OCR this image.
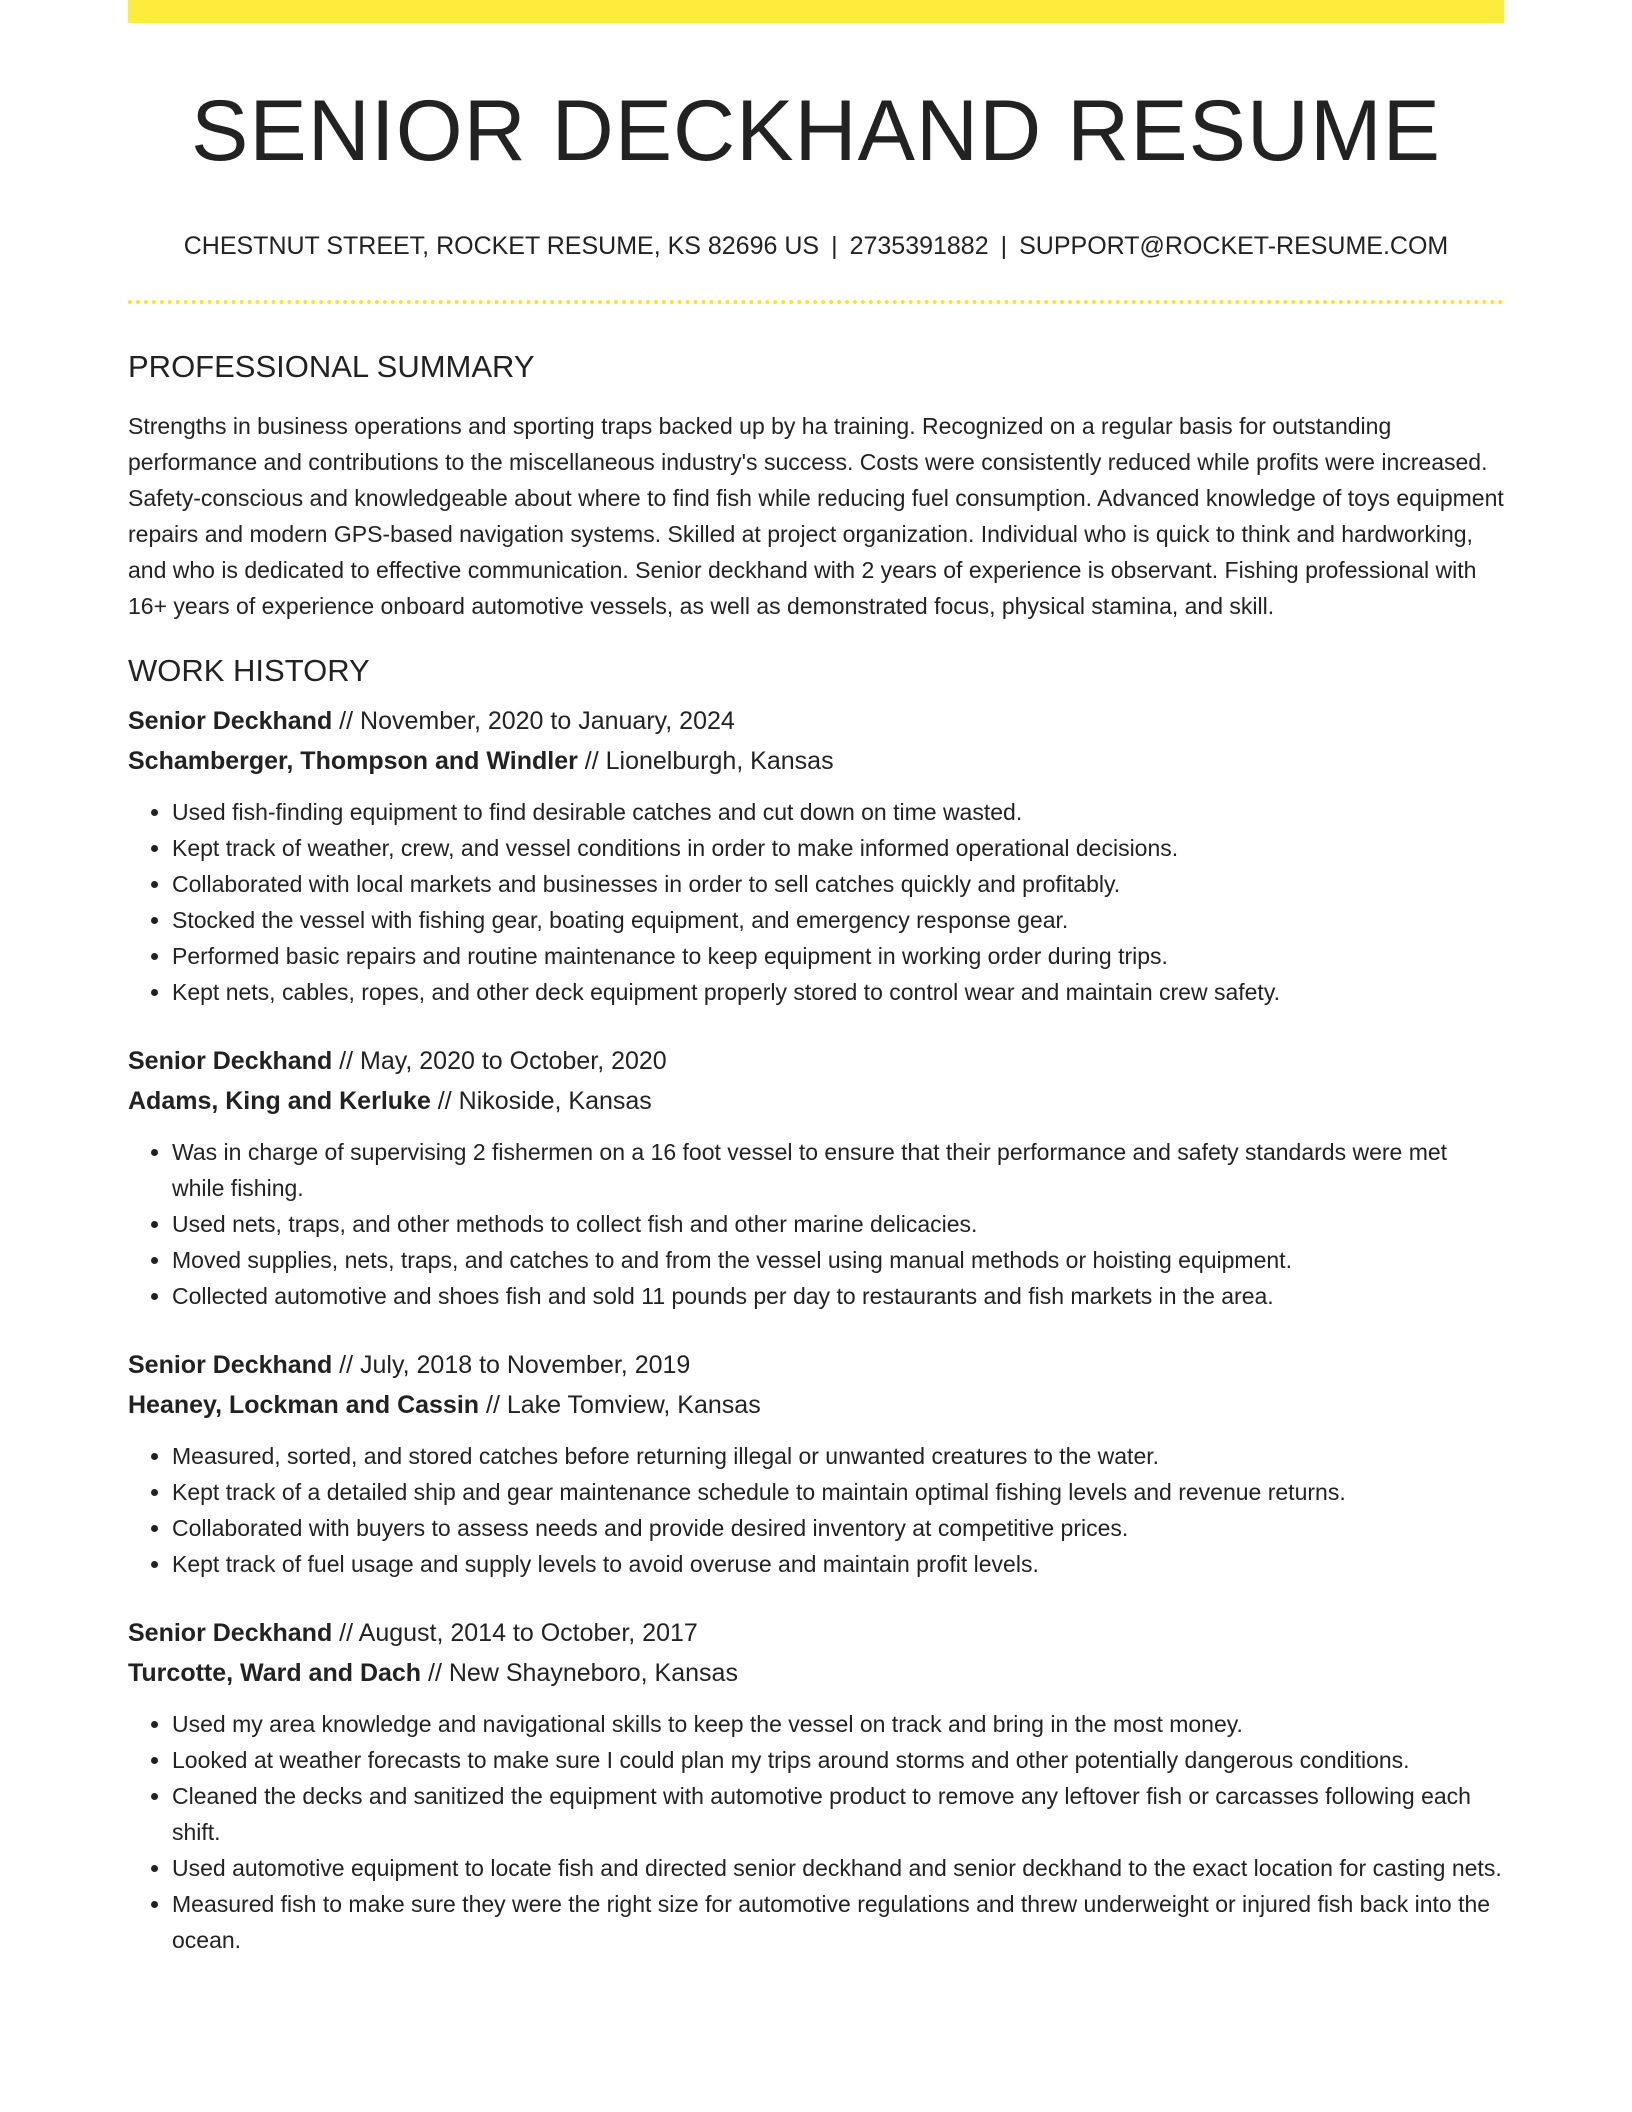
SENIOR DECKHAND RESUME
CHESTNUT STREET, ROCKET RESUME, KS 82696 US | 2735391882 | SUPPORT@ROCKET-RESUME.COM
PROFESSIONAL SUMMARY

Strengths in business operations and sporting traps backed up by ha training. Recognized on a regular basis for outstanding performance and contributions to the miscellaneous industry's success. Costs were consistently reduced while profits were increased. Safety-conscious and knowledgeable about where to find fish while reducing fuel consumption. Advanced knowledge of toys equipment repairs and modern GPS-based navigation systems. Skilled at project organization. Individual who is quick to think and hardworking, and who is dedicated to effective communication. Senior deckhand with 2 years of experience is observant. Fishing professional with 16+ years of experience onboard automotive vessels, as well as demonstrated focus, physical stamina, and skill.

WORK HISTORY
Senior Deckhand // November, 2020 to January, 2024
Schamberger, Thompson and Windler // Lionelburgh, Kansas
• Used fish-finding equipment to find desirable catches and cut down on time wasted.
• Kept track of weather, crew, and vessel conditions in order to make informed operational decisions.
• Collaborated with local markets and businesses in order to sell catches quickly and profitably.
• Stocked the vessel with fishing gear, boating equipment, and emergency response gear.
• Performed basic repairs and routine maintenance to keep equipment in working order during trips.
• Kept nets, cables, ropes, and other deck equipment properly stored to control wear and maintain crew safety.
Senior Deckhand // May, 2020 to October, 2020
Adams, King and Kerluke // Nikoside, Kansas
• Was in charge of supervising 2 fishermen on a 16 foot vessel to ensure that their performance and safety standards were met while fishing.
• Used nets, traps, and other methods to collect fish and other marine delicacies.
• Moved supplies, nets, traps, and catches to and from the vessel using manual methods or hoisting equipment.
• Collected automotive and shoes fish and sold 11 pounds per day to restaurants and fish markets in the area.
Senior Deckhand // July, 2018 to November, 2019
Heaney, Lockman and Cassin // Lake Tomview, Kansas
• Measured, sorted, and stored catches before returning illegal or unwanted creatures to the water.
• Kept track of a detailed ship and gear maintenance schedule to maintain optimal fishing levels and revenue returns.
• Collaborated with buyers to assess needs and provide desired inventory at competitive prices.
• Kept track of fuel usage and supply levels to avoid overuse and maintain profit levels.
Senior Deckhand // August, 2014 to October, 2017
Turcotte, Ward and Dach // New Shayneboro, Kansas
• Used my area knowledge and navigational skills to keep the vessel on track and bring in the most money.
• Looked at weather forecasts to make sure I could plan my trips around storms and other potentially dangerous conditions.
• Cleaned the decks and sanitized the equipment with automotive product to remove any leftover fish or carcasses following each shift.
• Used automotive equipment to locate fish and directed senior deckhand and senior deckhand to the exact location for casting nets.
• Measured fish to make sure they were the right size for automotive regulations and threw underweight or injured fish back into the ocean.
